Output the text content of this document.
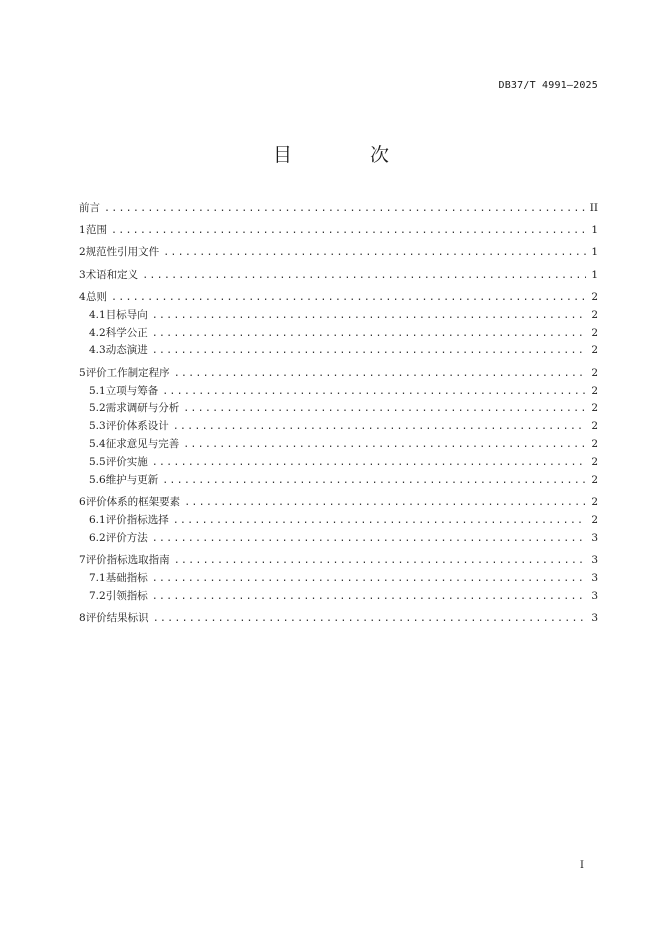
DB37/T 4991—2025
目 次
前言 .....	II
1 范围 .....	1
2 规范性引用文件 .....	1
3 术语和定义 .....	1
4 总则 .....	2
4.1 目标导向 .....	2
4.2 科学公正 .....	2
4.3 动态演进 .....	2
5 评价工作制定程序 .....	2
5.1 立项与筹备 .....	2
5.2 需求调研与分析 .....	2
5.3 评价体系设计 .....	2
5.4 征求意见与完善 .....	2
5.5 评价实施 .....	2
5.6 维护与更新 .....	2
6 评价体系的框架要素 .....	2
6.1 评价指标选择 .....	2
6.2 评价方法 .....	3
7 评价指标选取指南 .....	3
7.1 基础指标 .....	3
7.2 引领指标 .....	3
8 评价结果标识 .....	3
I
